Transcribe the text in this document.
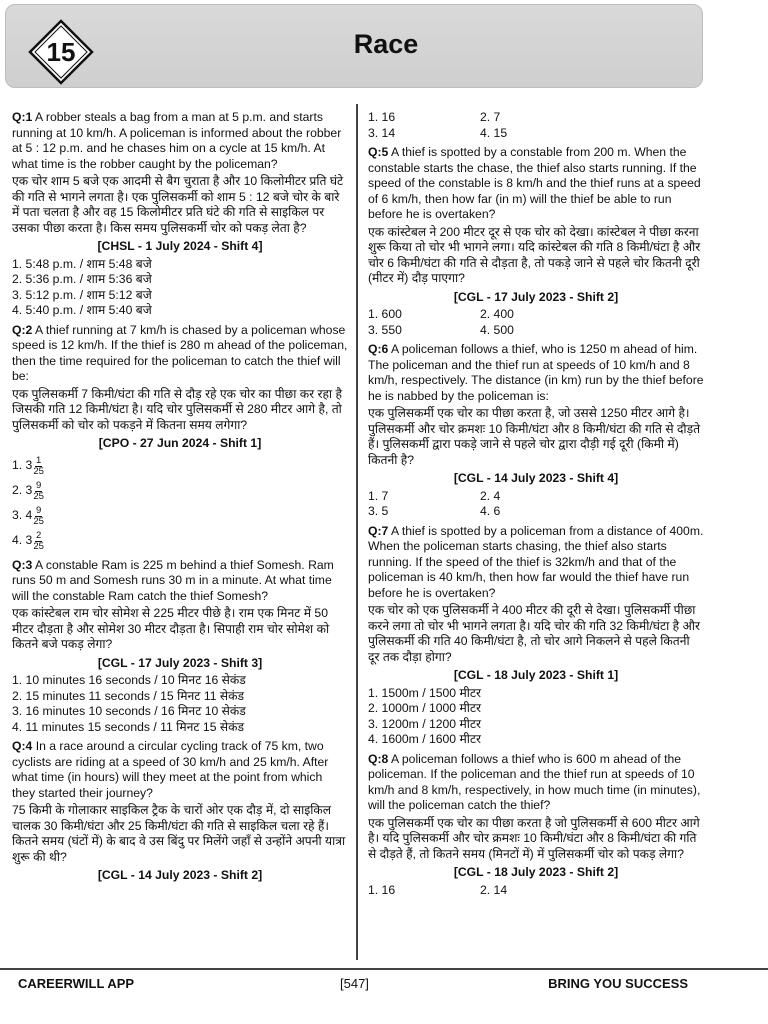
15	Race
Q:1 A robber steals a bag from a man at 5 p.m. and starts running at 10 km/h. A policeman is informed about the robber at 5 : 12 p.m. and he chases him on a cycle at 15 km/h. At what time is the robber caught by the policeman?
एक चोर शाम 5 बजे एक आदमी से बैग चुराता है और 10 किलोमीटर प्रति घंटे की गति से भागने लगता है। एक पुलिसकर्मी को शाम 5 : 12 बजे चोर के बारे में पता चलता है और वह 15 किलोमीटर प्रति घंटे की गति से साइकिल पर उसका पीछा करता है। किस समय पुलिसकर्मी चोर को पकड़ लेता है?
[CHSL - 1 July 2024 - Shift 4]
1. 5:48 p.m. / शाम 5:48 बजे
2. 5:36 p.m. / शाम 5:36 बजे
3. 5:12 p.m. / शाम 5:12 बजे
4. 5:40 p.m. / शाम 5:40 बजे
Q:2 A thief running at 7 km/h is chased by a policeman whose speed is 12 km/h. If the thief is 280 m ahead of the policeman, then the time required for the policeman to catch the thief will be:
एक पुलिसकर्मी 7 किमी/घंटा की गति से दौड़ रहे एक चोर का पीछा कर रहा है जिसकी गति 12 किमी/घंटा है। यदि चोर पुलिसकर्मी से 280 मीटर आगे है, तो पुलिसकर्मी को चोर को पकड़ने में कितना समय लगेगा?
[CPO - 27 Jun 2024 - Shift 1]
1. $3 \frac{1}{25}$
2. $3 \frac{9}{25}$
3. $4 \frac{9}{25}$
4. $3 \frac{2}{25}$
Q:3 A constable Ram is 225 m behind a thief Somesh. Ram runs 50 m and Somesh runs 30 m in a minute. At what time will the constable Ram catch the thief Somesh?
एक कांस्टेबल राम चोर सोमेश से 225 मीटर पीछे है। राम एक मिनट में 50 मीटर दौड़ता है और सोमेश 30 मीटर दौड़ता है। सिपाही राम चोर सोमेश को कितने बजे पकड़ लेगा?
[CGL - 17 July 2023 - Shift 3]
1. 10 minutes 16 seconds / 10 मिनट 16 सेकंड
2. 15 minutes 11 seconds / 15 मिनट 11 सेकंड
3. 16 minutes 10 seconds / 16 मिनट 10 सेकंड
4. 11 minutes 15 seconds / 11 मिनट 15 सेकंड
Q:4 In a race around a circular cycling track of 75 km, two cyclists are riding at a speed of 30 km/h and 25 km/h. After what time (in hours) will they meet at the point from which they started their journey?
75 किमी के गोलाकार साइकिल ट्रैक के चारों ओर एक दौड़ में, दो साइकिल चालक 30 किमी/घंटा और 25 किमी/घंटा की गति से साइकिल चला रहे हैं। कितने समय (घंटों में) के बाद वे उस बिंदु पर मिलेंगे जहाँ से उन्होंने अपनी यात्रा शुरू की थी?
[CGL - 14 July 2023 - Shift 2]
1. 16	2. 7
3. 14	4. 15
Q:5 A thief is spotted by a constable from 200 m. When the constable starts the chase, the thief also starts running. If the speed of the constable is 8 km/h and the thief runs at a speed of 6 km/h, then how far (in m) will the thief be able to run before he is overtaken?
एक कांस्टेबल ने 200 मीटर दूर से एक चोर को देखा। कांस्टेबल ने पीछा करना शुरू किया तो चोर भी भागने लगा। यदि कांस्टेबल की गति 8 किमी/घंटा है और चोर 6 किमी/घंटा की गति से दौड़ता है, तो पकड़े जाने से पहले चोर कितनी दूरी (मीटर में) दौड़ पाएगा?
[CGL - 17 July 2023 - Shift 2]
1. 600	2. 400
3. 550	4. 500
Q:6 A policeman follows a thief, who is 1250 m ahead of him. The policeman and the thief run at speeds of 10 km/h and 8 km/h, respectively. The distance (in km) run by the thief before he is nabbed by the policeman is:
एक पुलिसकर्मी एक चोर का पीछा करता है, जो उससे 1250 मीटर आगे है। पुलिसकर्मी और चोर क्रमशः 10 किमी/घंटा और 8 किमी/घंटा की गति से दौड़ते हैं। पुलिसकर्मी द्वारा पकड़े जाने से पहले चोर द्वारा दौड़ी गई दूरी (किमी में) कितनी है?
[CGL - 14 July 2023 - Shift 4]
1. 7	2. 4
3. 5	4. 6
Q:7 A thief is spotted by a policeman from a distance of 400m. When the policeman starts chasing, the thief also starts running. If the speed of the thief is 32km/h and that of the policeman is 40 km/h, then how far would the thief have run before he is overtaken?
एक चोर को एक पुलिसकर्मी ने 400 मीटर की दूरी से देखा। पुलिसकर्मी पीछा करने लगा तो चोर भी भागने लगता है। यदि चोर की गति 32 किमी/घंटा है और पुलिसकर्मी की गति 40 किमी/घंटा है, तो चोर आगे निकलने से पहले कितनी दूर तक दौड़ा होगा?
[CGL - 18 July 2023 - Shift 1]
1. 1500m / 1500 मीटर
2. 1000m / 1000 मीटर
3. 1200m / 1200 मीटर
4. 1600m / 1600 मीटर
Q:8 A policeman follows a thief who is 600 m ahead of the policeman. If the policeman and the thief run at speeds of 10 km/h and 8 km/h, respectively, in how much time (in minutes), will the policeman catch the thief?
एक पुलिसकर्मी एक चोर का पीछा करता है जो पुलिसकर्मी से 600 मीटर आगे है। यदि पुलिसकर्मी और चोर क्रमशः 10 किमी/घंटा और 8 किमी/घंटा की गति से दौड़ते हैं, तो कितने समय (मिनटों में) में पुलिसकर्मी चोर को पकड़ लेगा?
[CGL - 18 July 2023 - Shift 2]
1. 16	2. 14
CAREERWILL APP	[547]	BRING YOU SUCCESS
